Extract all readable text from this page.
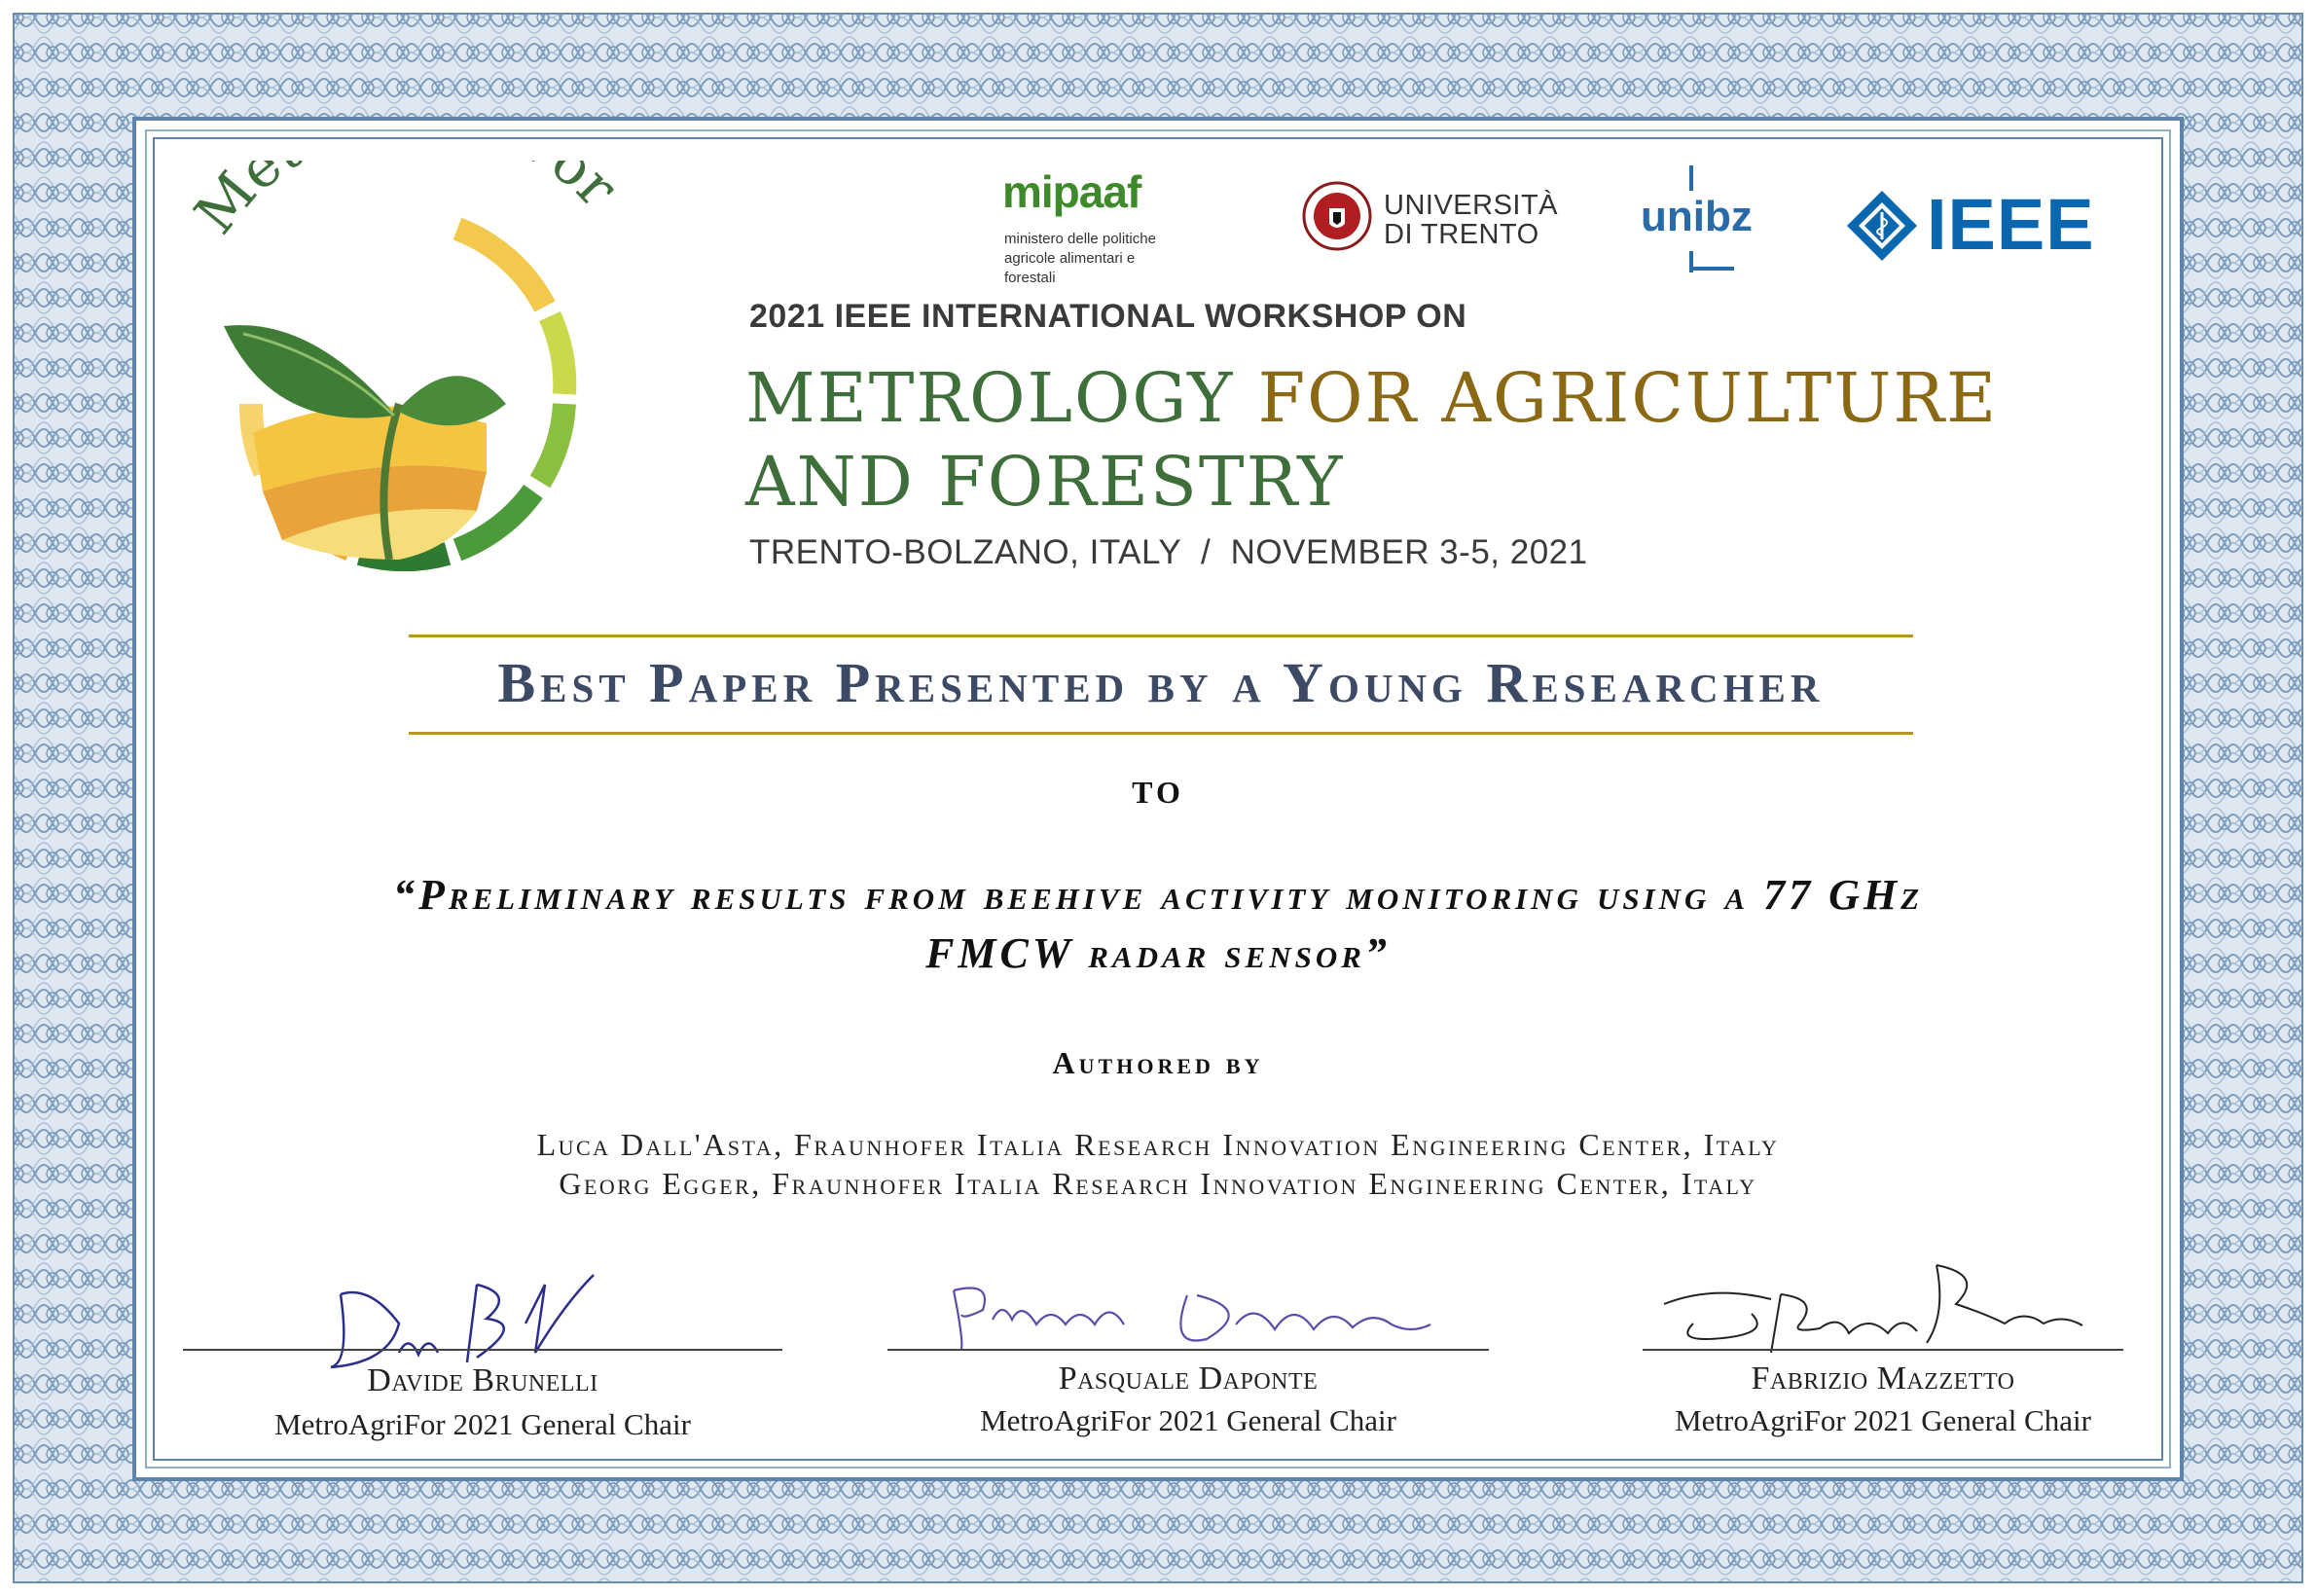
Me or	mipaaf
ministero delle politiche
agricole alimentari e forestali
UNIVERSITÀ
DI TRENTO	unibz IEEE
2021 IEEE INTERNATIONAL WORKSHOP ON
METROLOGY FOR AGRICULTURE
AND FORESTRY
TRENTO-BOLZANO, ITALY  /  NOVEMBER 3-5, 2021
Best Paper Presented by a Young Researcher
TO
“Preliminary results from beehive activity monitoring using a 77 GHz
FMCW radar sensor”
Authored by
Luca Dall'Asta, Fraunhofer Italia Research Innovation Engineering Center, Italy
Georg Egger, Fraunhofer Italia Research Innovation Engineering Center, Italy
Davide Brunelli
MetroAgriFor 2021 General Chair
Pasquale Daponte
MetroAgriFor 2021 General Chair
Fabrizio Mazzetto
MetroAgriFor 2021 General Chair
